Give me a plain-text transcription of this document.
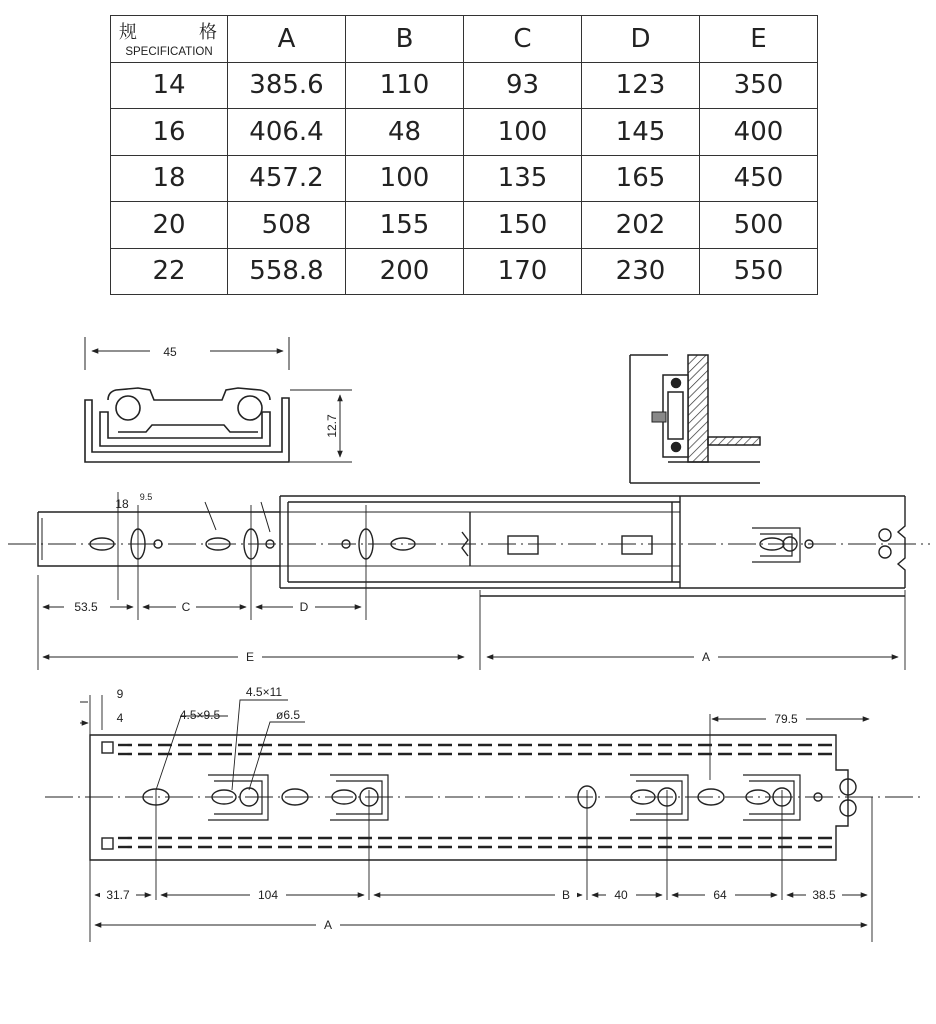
规 格
SPECIFICATION	A	B	C	D	E
14	385.6	110	93	123	350
16	406.4	48	100	145	400
18	457.2	100	135	165	450
20	508	155	150	202	500
22	558.8	200	170	230	550
45
12.7
53.5	C	D
E	A
18 9.5
9
4	4.5×9.5
4.5×11
ø6.5	79.5
31.7	104	B	40	64	38.5
A
